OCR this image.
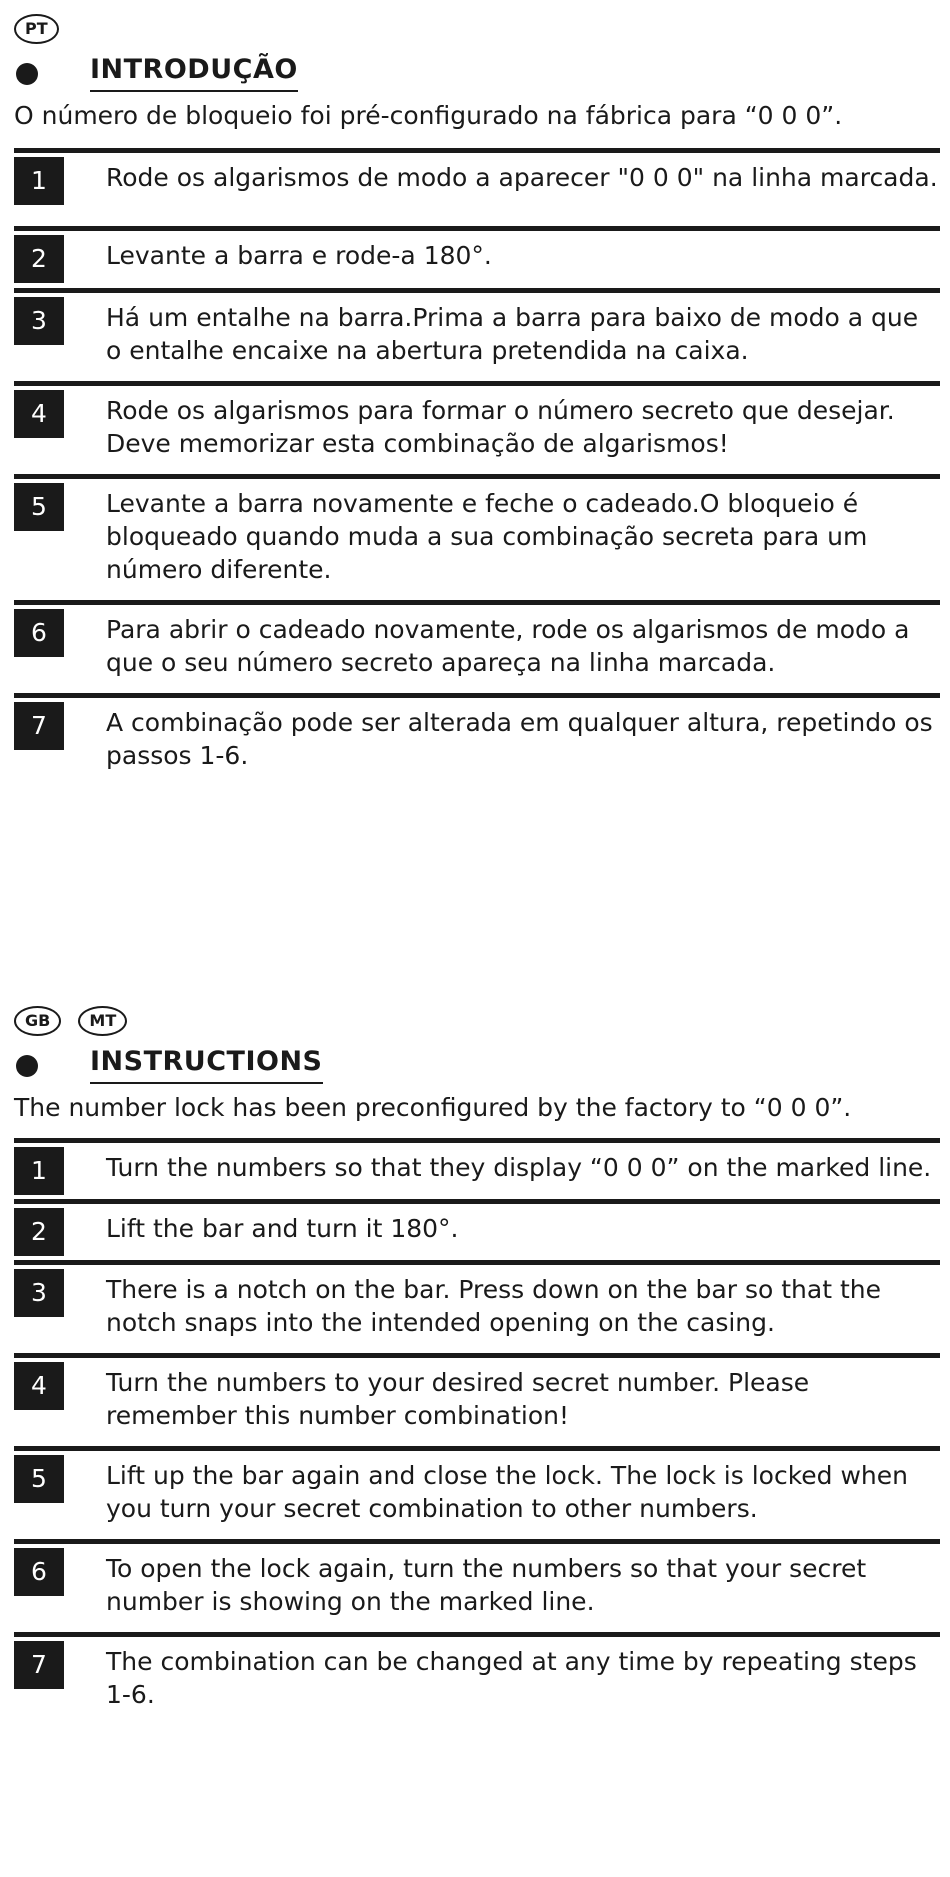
PT
INTRODUÇÃO
O número de bloqueio foi pré-configurado na fábrica para “0 0 0”.
1	Rode os algarismos de modo a aparecer "0 0 0" na linha marcada.
2	Levante a barra e rode-a 180°.
3	Há um entalhe na barra.Prima a barra para baixo de modo a que o entalhe encaixe na abertura pretendida na caixa.
4	Rode os algarismos para formar o número secreto que desejar. Deve memorizar esta combinação de algarismos!
5	Levante a barra novamente e feche o cadeado.O bloqueio é bloqueado quando muda a sua combinação secreta para um número diferente.
6	Para abrir o cadeado novamente, rode os algarismos de modo a que o seu número secreto apareça na linha marcada.
7	A combinação pode ser alterada em qualquer altura, repetindo os passos 1-6.
GB MT
INSTRUCTIONS
The number lock has been preconfigured by the factory to “0 0 0”.
1	Turn the numbers so that they display “0 0 0” on the marked line.
2	Lift the bar and turn it 180°.
3	There is a notch on the bar. Press down on the bar so that the notch snaps into the intended opening on the casing.
4	Turn the numbers to your desired secret number. Please remember this number combination!
5	Lift up the bar again and close the lock. The lock is locked when you turn your secret combination to other numbers.
6	To open the lock again, turn the numbers so that your secret number is showing on the marked line.
7	The combination can be changed at any time by repeating steps 1-6.
